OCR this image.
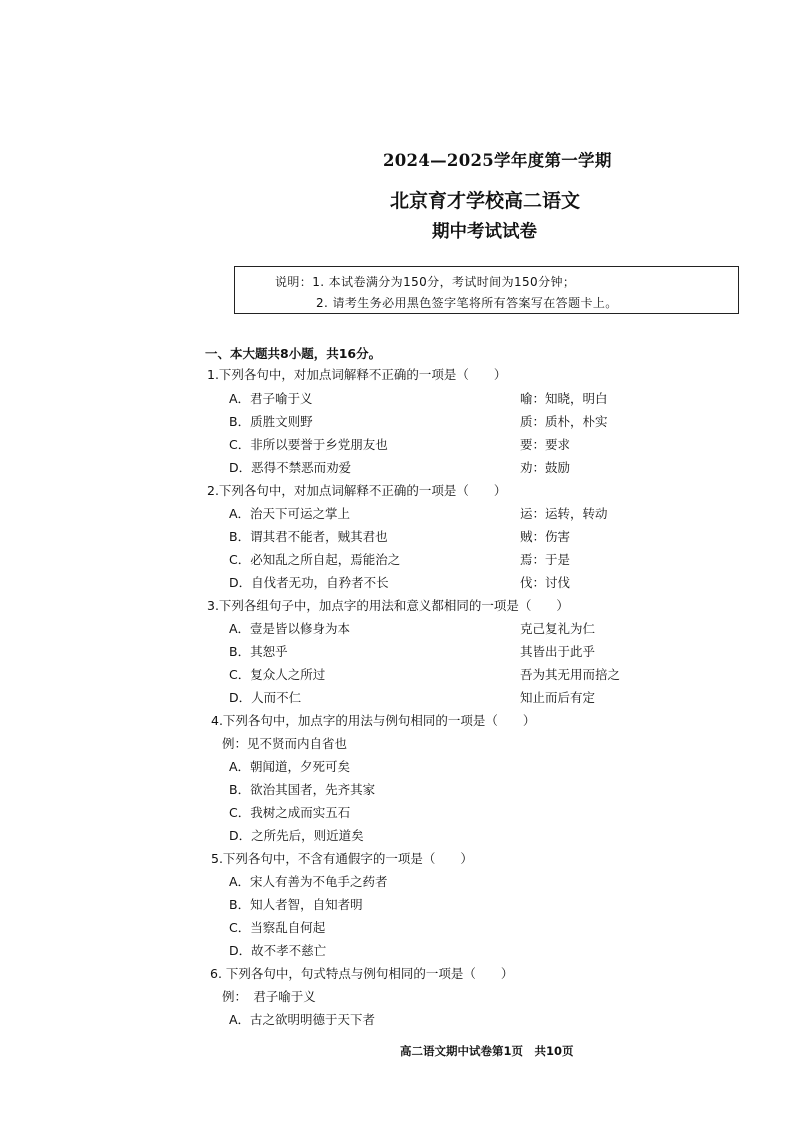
2024—2025学年度第一学期
北京育才学校高二语文
期中考试试卷
说明：1. 本试卷满分为150分，考试时间为150分钟；
2. 请考生务必用黑色签字笔将所有答案写在答题卡上。
一、本大题共8小题，共16分。
1.下列各句中，对加点词解释不正确的一项是（　　）
A．君子喻于义	喻：知晓，明白
B．质胜文则野	质：质朴，朴实
C．非所以要誉于乡党朋友也	要：要求
D．恶得不禁恶而劝爱	劝：鼓励
2.下列各句中，对加点词解释不正确的一项是（　　）
A．治天下可运之掌上	运：运转，转动
B．谓其君不能者，贼其君也	贼：伤害
C．必知乱之所自起，焉能治之	焉：于是
D．自伐者无功，自矜者不长	伐：讨伐
3.下列各组句子中，加点字的用法和意义都相同的一项是（　　）
A．壹是皆以修身为本	克己复礼为仁
B．其恕乎	其皆出于此乎
C．复众人之所过	吾为其无用而掊之
D．人而不仁	知止而后有定
4.下列各句中，加点字的用法与例句相同的一项是（　　）
例：见不贤而内自省也
A．朝闻道，夕死可矣
B．欲治其国者，先齐其家
C．我树之成而实五石
D．之所先后，则近道矣
5.下列各句中，不含有通假字的一项是（　　）
A．宋人有善为不龟手之药者
B．知人者智，自知者明
C．当察乱自何起
D．故不孝不慈亡
6. 下列各句中，句式特点与例句相同的一项是（　　）
例：　君子喻于义
A．古之欲明明德于天下者
高二语文期中试卷第1页　共10页
